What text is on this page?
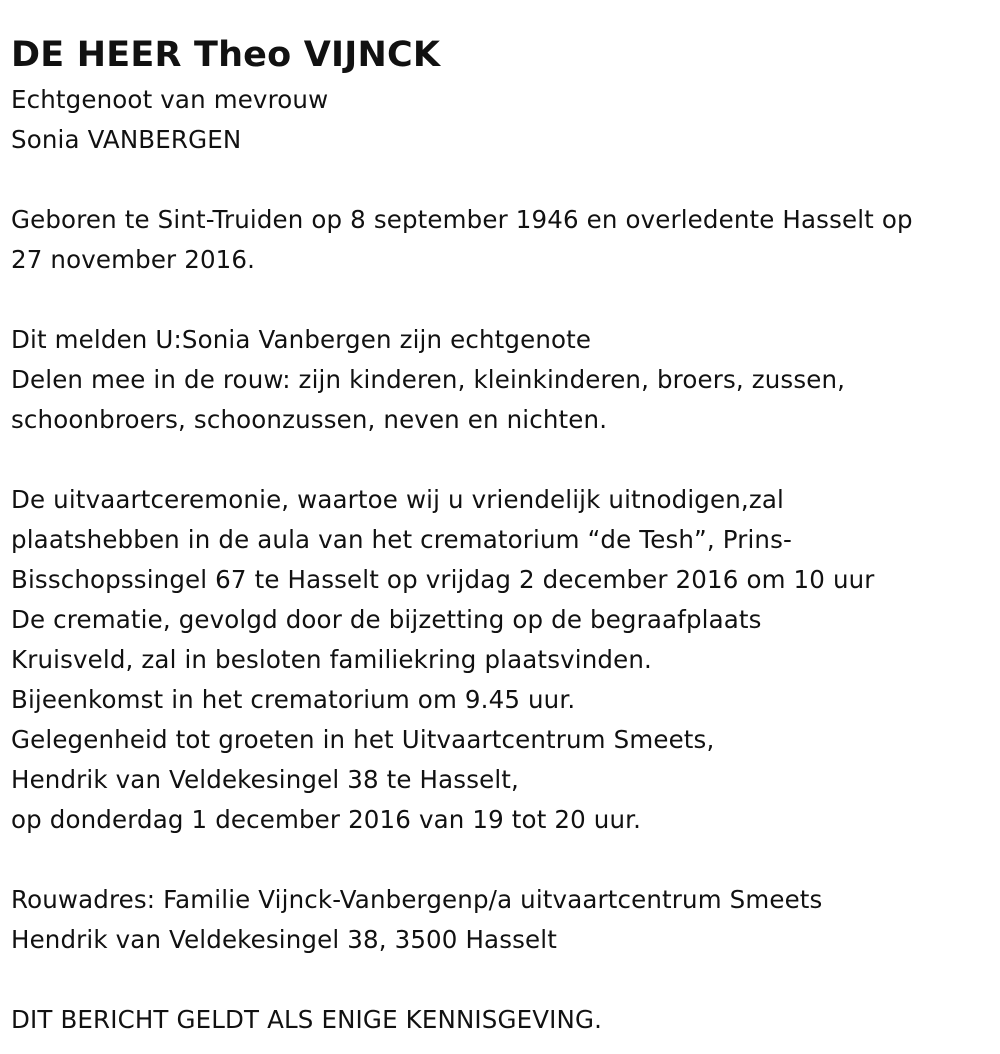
DE HEER Theo VIJNCK
Echtgenoot van mevrouw
Sonia VANBERGEN
Geboren te Sint-Truiden op 8 september 1946 en overledente Hasselt op
27 november 2016.
Dit melden U:Sonia Vanbergen zijn echtgenote
Delen mee in de rouw: zijn kinderen, kleinkinderen, broers, zussen,
schoonbroers, schoonzussen, neven en nichten.
De uitvaartceremonie, waartoe wij u vriendelijk uitnodigen,zal
plaatshebben in de aula van het crematorium “de Tesh”, Prins-
Bisschopssingel 67 te Hasselt op vrijdag 2 december 2016 om 10 uur
De crematie, gevolgd door de bijzetting op de begraafplaats
Kruisveld, zal in besloten familiekring plaatsvinden.
Bijeenkomst in het crematorium om 9.45 uur.
Gelegenheid tot groeten in het Uitvaartcentrum Smeets,
Hendrik van Veldekesingel 38 te Hasselt,
op donderdag 1 december 2016 van 19 tot 20 uur.
Rouwadres: Familie Vijnck-Vanbergenp/a uitvaartcentrum Smeets
Hendrik van Veldekesingel 38, 3500 Hasselt
DIT BERICHT GELDT ALS ENIGE KENNISGEVING.
